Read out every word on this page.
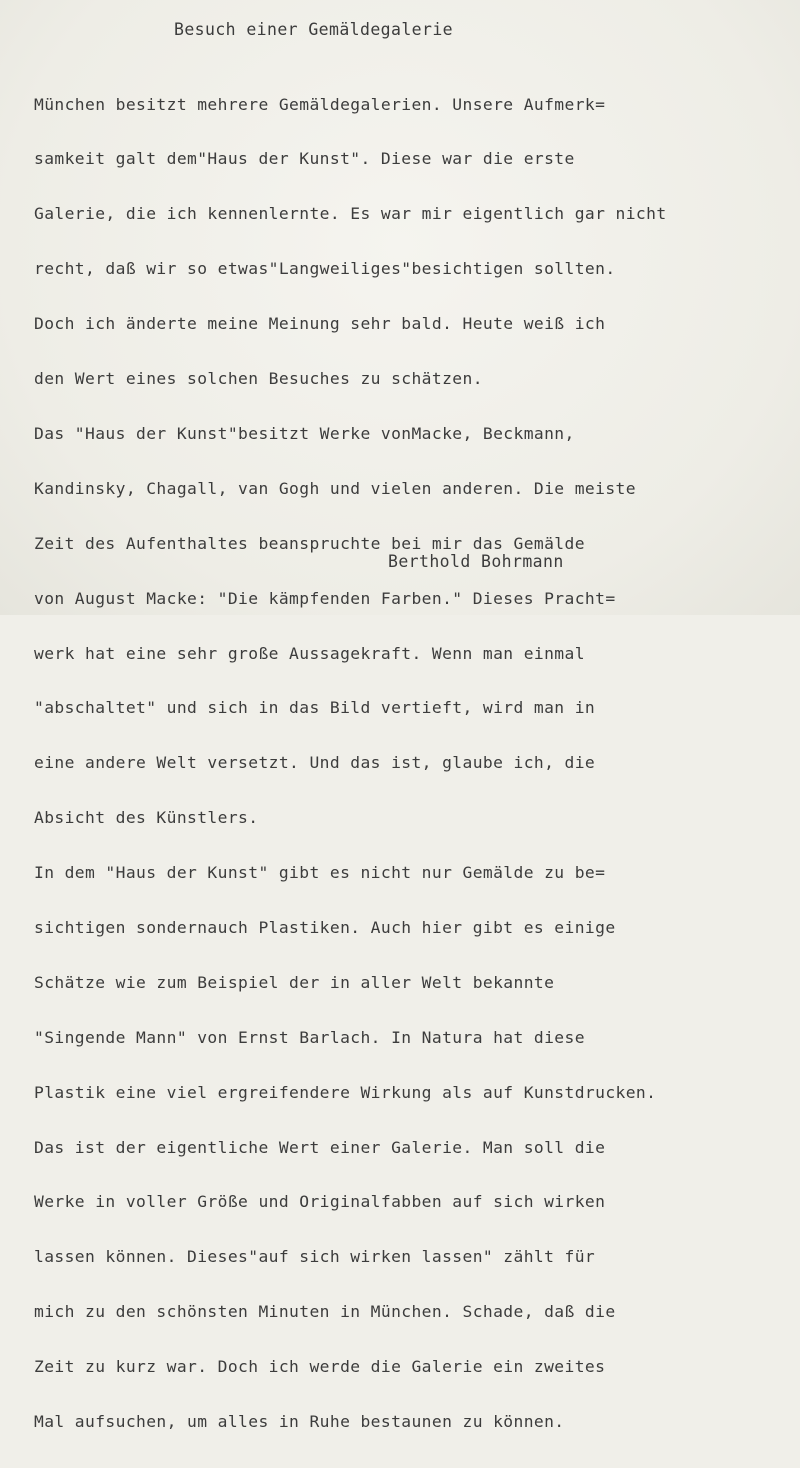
Besuch einer Gemäldegalerie

München besitzt mehrere Gemäldegalerien. Unsere Aufmerk=

samkeit galt dem"Haus der Kunst". Diese war die erste

Galerie, die ich kennenlernte. Es war mir eigentlich gar nicht

recht, daß wir so etwas"Langweiliges"besichtigen sollten.

Doch ich änderte meine Meinung sehr bald. Heute weiß ich

den Wert eines solchen Besuches zu schätzen.

Das "Haus der Kunst"besitzt Werke vonMacke, Beckmann,

Kandinsky, Chagall, van Gogh und vielen anderen. Die meiste

Zeit des Aufenthaltes beanspruchte bei mir das Gemälde

von August Macke: "Die kämpfenden Farben." Dieses Pracht=

werk hat eine sehr große Aussagekraft. Wenn man einmal

"abschaltet" und sich in das Bild vertieft, wird man in

eine andere Welt versetzt. Und das ist, glaube ich, die

Absicht des Künstlers.

In dem "Haus der Kunst" gibt es nicht nur Gemälde zu be=

sichtigen sondernauch Plastiken. Auch hier gibt es einige

Schätze wie zum Beispiel der in aller Welt bekannte

"Singende Mann" von Ernst Barlach. In Natura hat diese

Plastik eine viel ergreifendere Wirkung als auf Kunstdrucken.

Das ist der eigentliche Wert einer Galerie. Man soll die

Werke in voller Größe und Originalfabben auf sich wirken

lassen können. Dieses"auf sich wirken lassen" zählt für

mich zu den schönsten Minuten in München. Schade, daß die

Zeit zu kurz war. Doch ich werde die Galerie ein zweites

Mal aufsuchen, um alles in Ruhe bestaunen zu können.

Berthold Bohrmann
